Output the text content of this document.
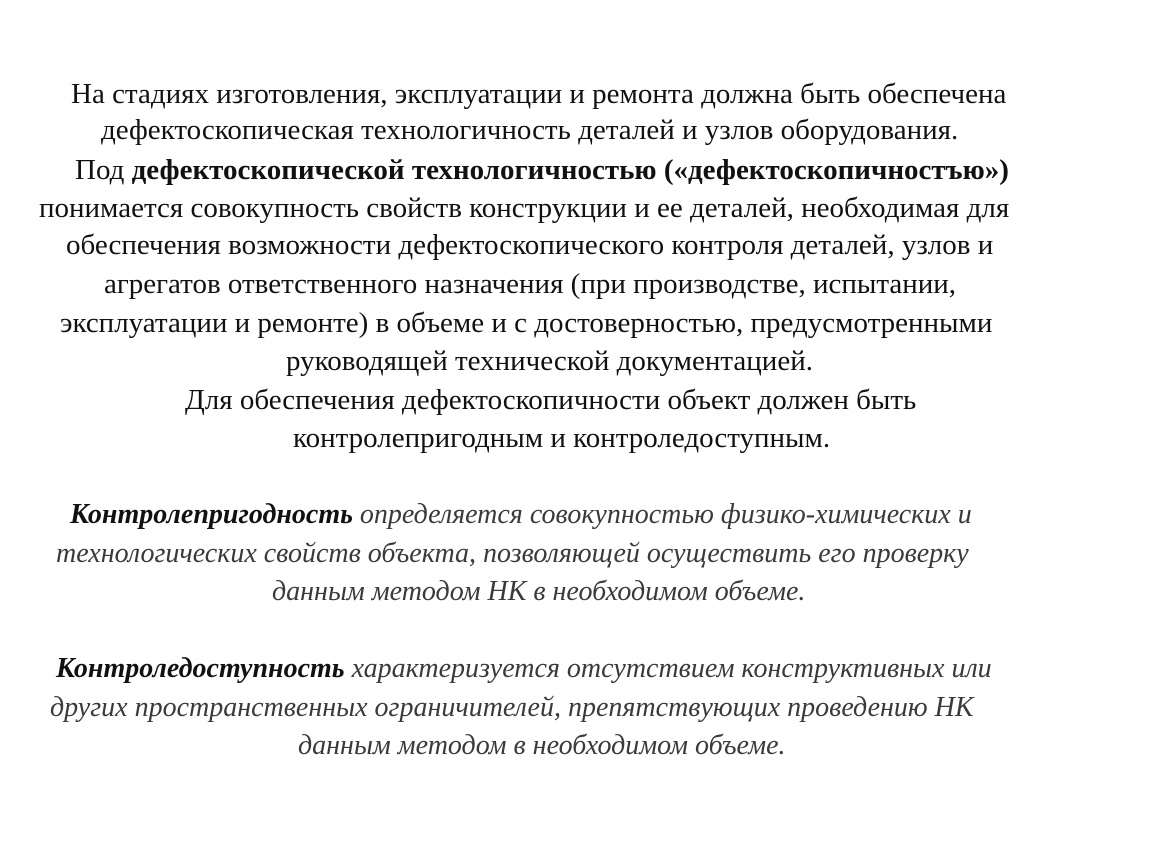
На стадиях изготовления, эксплуатации и ремонта должна быть обеспечена
дефектоскопическая технологичность деталей и узлов оборудования.
Под дефектоскопической технологичностью («дефектоскопичностъю»)
понимается совокупность свойств конструкции и ее деталей, необходимая для
обеспечения возможности дефектоскопического контроля деталей, узлов и
агрегатов ответственного назначения (при производстве, испытании,
эксплуатации и ремонте) в объеме и с достоверностью, предусмотренными
руководящей технической документацией.
Для обеспечения дефектоскопичности объект должен быть
контролепригодным и контроледоступным.
Контролепригодность определяется совокупностью физико-химических и
технологических свойств объекта, позволяющей осуществить его проверку
данным методом НК в необходимом объеме.
Контроледоступность характеризуется отсутствием конструктивных или
других пространственных ограничителей, препятствующих проведению НК
данным методом в необходимом объеме.
